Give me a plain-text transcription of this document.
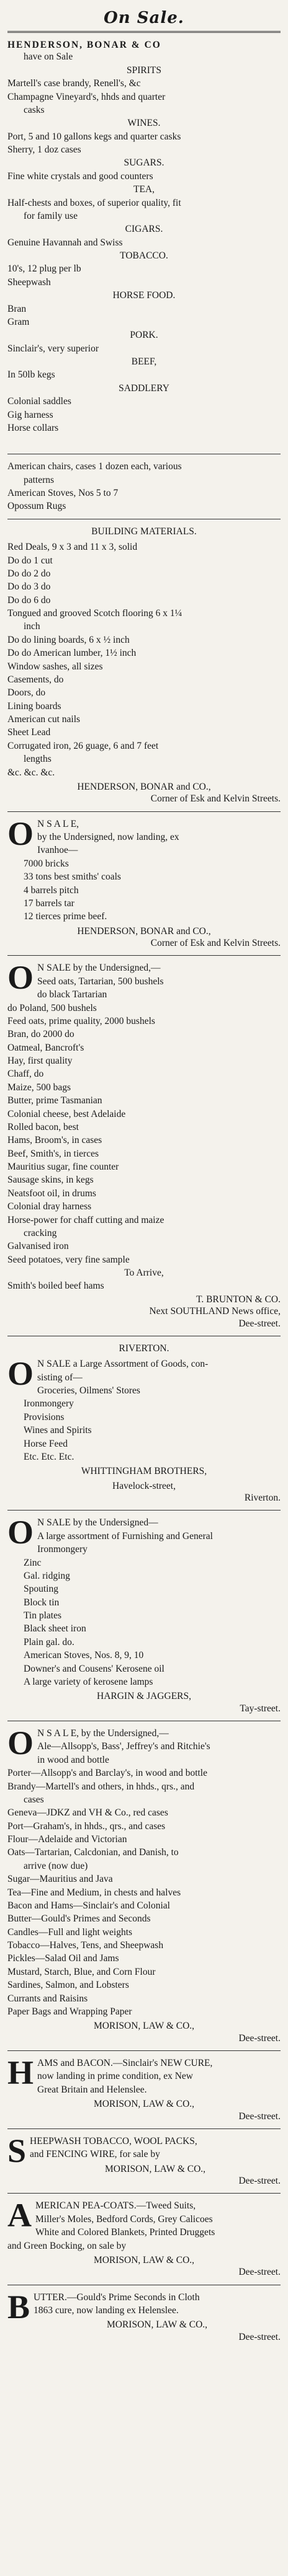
On Sale.
HENDERSON, BONAR & CO
have on Sale
SPIRITS
Martell's case brandy, Renell's, &c
Champagne Vineyard's, hhds and quarter
casks
WINES.
Port, 5 and 10 gallons kegs and quarter casks
Sherry, 1 doz cases
SUGARS.
Fine white crystals and good counters
TEA,
Half-chests and boxes, of superior quality, fit
for family use
CIGARS.
Genuine Havannah and Swiss
TOBACCO.
10's, 12 plug per lb
Sheepwash
HORSE FOOD.
Bran
Gram
PORK.
Sinclair's, very superior
BEEF,
In 50lb kegs
SADDLERY
Colonial saddles
Gig harness
Horse collars
American chairs, cases 1 dozen each, various
patterns
American Stoves, Nos 5 to 7
Opossum Rugs
BUILDING MATERIALS.
Red Deals, 9 x 3 and 11 x 3, solid
Do do 1 cut
Do do 2 do
Do do 3 do
Do do 6 do
Tongued and grooved Scotch flooring 6 x 1¼
inch
Do do lining boards, 6 x ½ inch
Do do American lumber, 1½ inch
Window sashes, all sizes
Casements, do
Doors, do
Lining boards
American cut nails
Sheet Lead
Corrugated iron, 26 guage, 6 and 7 feet
lengths
&c. &c. &c.
HENDERSON, BONAR and CO.,
Corner of Esk and Kelvin Streets.
O N S A L E,
by the Undersigned, now landing, ex
Ivanhoe—
7000 bricks
33 tons best smiths' coals
4 barrels pitch
17 barrels tar
12 tierces prime beef.
HENDERSON, BONAR and CO.,
Corner of Esk and Kelvin Streets.
O N SALE by the Undersigned,—
Seed oats, Tartarian, 500 bushels
do black Tartarian
do Poland, 500 bushels
Feed oats, prime quality, 2000 bushels
Bran, do 2000 do
Oatmeal, Bancroft's
Hay, first quality
Chaff, do
Maize, 500 bags
Butter, prime Tasmanian
Colonial cheese, best Adelaide
Rolled bacon, best
Hams, Broom's, in cases
Beef, Smith's, in tierces
Mauritius sugar, fine counter
Sausage skins, in kegs
Neatsfoot oil, in drums
Colonial dray harness
Horse-power for chaff cutting and maize
cracking
Galvanised iron
Seed potatoes, very fine sample
To Arrive,
Smith's boiled beef hams
T. BRUNTON & CO.
Next SOUTHLAND News office,
Dee-street.
RIVERTON.
O N SALE a Large Assortment of Goods, con-
sisting of—
Groceries, Oilmens' Stores
Ironmongery
Provisions
Wines and Spirits
Horse Feed
Etc. Etc. Etc.
WHITTINGHAM BROTHERS,
Havelock-street,
Riverton.
O N SALE by the Undersigned—
A large assortment of Furnishing and General
Ironmongery
Zinc
Gal. ridging
Spouting
Block tin
Tin plates
Black sheet iron
Plain gal. do.
American Stoves, Nos. 8, 9, 10
Downer's and Cousens' Kerosene oil
A large variety of kerosene lamps
HARGIN & JAGGERS,
Tay-street.
O N S A L E, by the Undersigned,—
Ale—Allsopp's, Bass', Jeffrey's and Ritchie's
in wood and bottle
Porter—Allsopp's and Barclay's, in wood and bottle
Brandy—Martell's and others, in hhds., qrs., and
cases
Geneva—JDKZ and VH & Co., red cases
Port—Graham's, in hhds., qrs., and cases
Flour—Adelaide and Victorian
Oats—Tartarian, Calcdonian, and Danish, to
arrive (now due)
Sugar—Mauritius and Java
Tea—Fine and Medium, in chests and halves
Bacon and Hams—Sinclair's and Colonial
Butter—Gould's Primes and Seconds
Candles—Full and light weights
Tobacco—Halves, Tens, and Sheepwash
Pickles—Salad Oil and Jams
Mustard, Starch, Blue, and Corn Flour
Sardines, Salmon, and Lobsters
Currants and Raisins
Paper Bags and Wrapping Paper
MORISON, LAW & CO.,
Dee-street.
H AMS and BACON.—Sinclair's NEW CURE,
now landing in prime condition, ex New
Great Britain and Helenslee.
MORISON, LAW & CO.,
Dee-street.
S HEEPWASH TOBACCO, WOOL PACKS,
and FENCING WIRE, for sale by
MORISON, LAW & CO.,
Dee-street.
A MERICAN PEA-COATS.—Tweed Suits,
Miller's Moles, Bedford Cords, Grey Calicoes
White and Colored Blankets, Printed Druggets
and Green Bocking, on sale by
MORISON, LAW & CO.,
Dee-street.
B UTTER.—Gould's Prime Seconds in Cloth
1863 cure, now landing ex Helenslee.
MORISON, LAW & CO.,
Dee-street.
